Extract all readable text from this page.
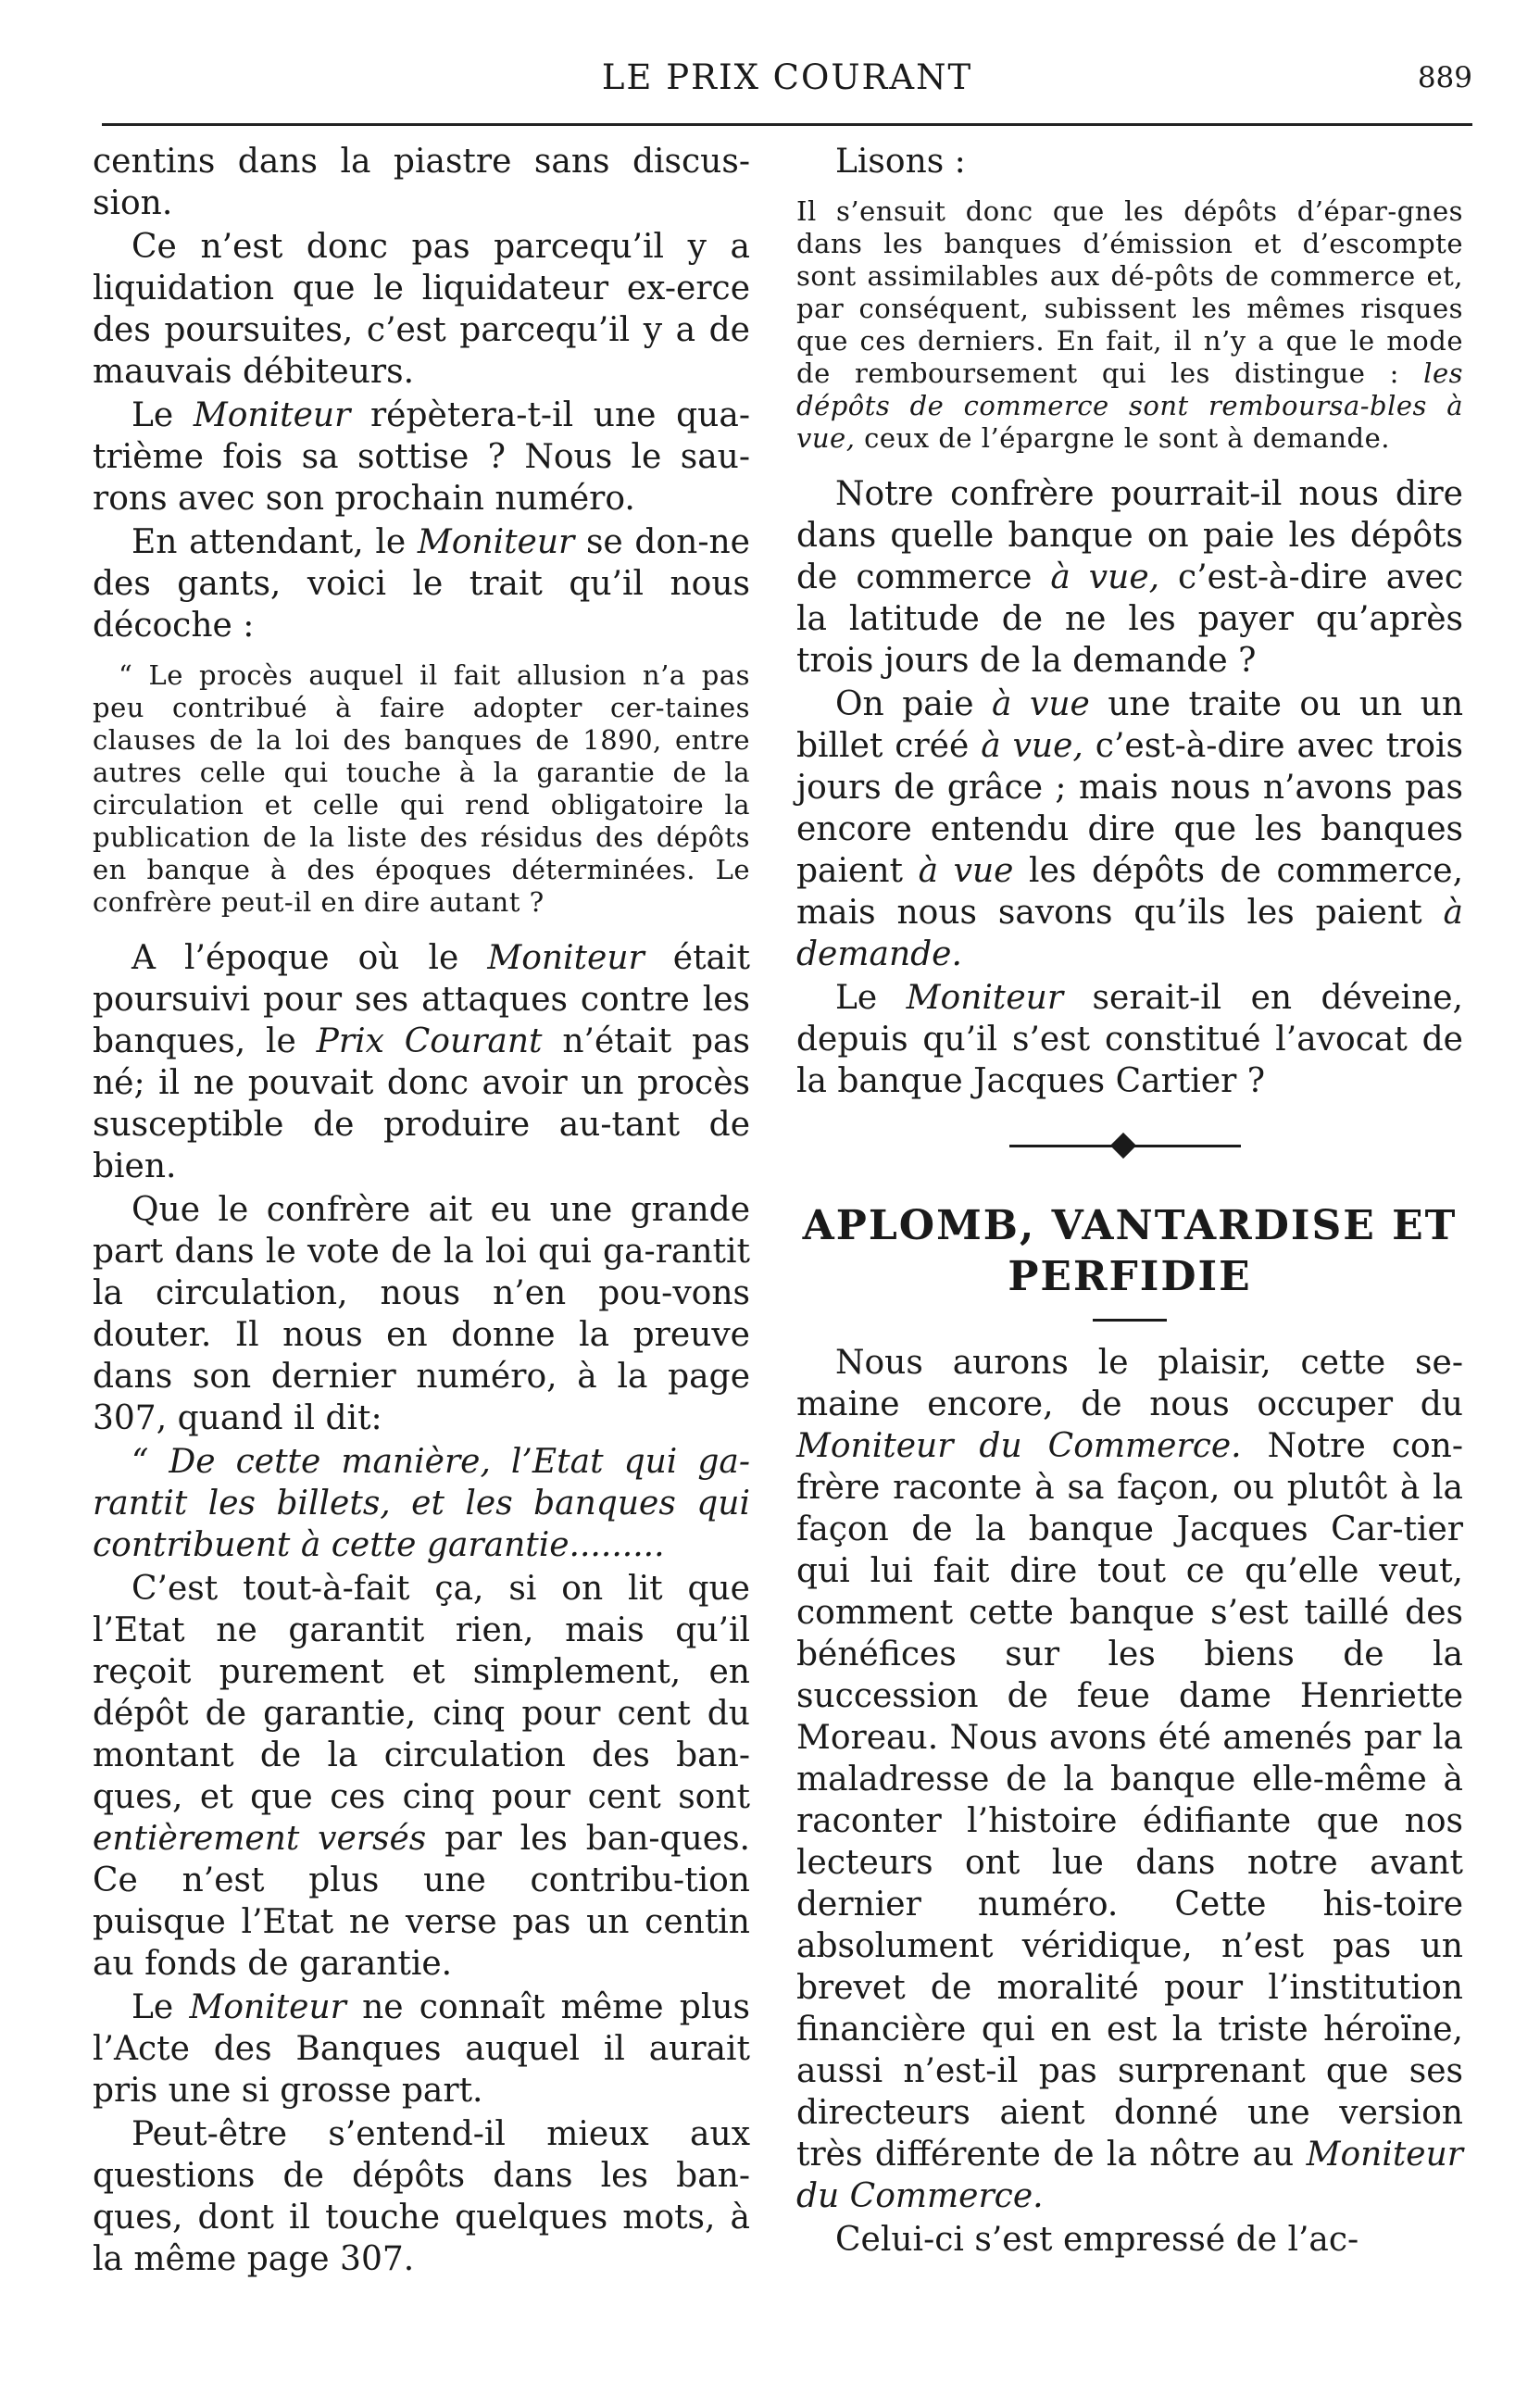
LE PRIX COURANT	889

centins dans la piastre sans discus-sion.

Ce n’est donc pas parcequ’il y a liquidation que le liquidateur ex-erce des poursuites, c’est parcequ’il y a de mauvais débiteurs.

Le Moniteur répètera-t-il une qua-trième fois sa sottise ? Nous le sau-rons avec son prochain numéro.

En attendant, le Moniteur se don-ne des gants, voici le trait qu’il nous décoche :

“ Le procès auquel il fait allusion n’a pas peu contribué à faire adopter cer-taines clauses de la loi des banques de 1890, entre autres celle qui touche à la garantie de la circulation et celle qui rend obligatoire la publication de la liste des résidus des dépôts en banque à des époques déterminées. Le confrère peut-il en dire autant ?

A l’époque où le Moniteur était poursuivi pour ses attaques contre les banques, le Prix Courant n’était pas né; il ne pouvait donc avoir un procès susceptible de produire au-tant de bien.

Que le confrère ait eu une grande part dans le vote de la loi qui ga-rantit la circulation, nous n’en pou-vons douter. Il nous en donne la preuve dans son dernier numéro, à la page 307, quand il dit:

“ De cette manière, l’Etat qui ga-rantit les billets, et les banques qui contribuent à cette garantie.........

C’est tout-à-fait ça, si on lit que l’Etat ne garantit rien, mais qu’il reçoit purement et simplement, en dépôt de garantie, cinq pour cent du montant de la circulation des ban-ques, et que ces cinq pour cent sont entièrement versés par les ban-ques. Ce n’est plus une contribu-tion puisque l’Etat ne verse pas un centin au fonds de garantie.

Le Moniteur ne connaît même plus l’Acte des Banques auquel il aurait pris une si grosse part.

Peut-être s’entend-il mieux aux questions de dépôts dans les ban-ques, dont il touche quelques mots, à la même page 307.

Lisons :

Il s’ensuit donc que les dépôts d’épar-gnes dans les banques d’émission et d’escompte sont assimilables aux dé-pôts de commerce et, par conséquent, subissent les mêmes risques que ces derniers. En fait, il n’y a que le mode de remboursement qui les distingue : les dépôts de commerce sont remboursa-bles à vue, ceux de l’épargne le sont à demande.

Notre confrère pourrait-il nous dire dans quelle banque on paie les dépôts de commerce à vue, c’est-à-dire avec la latitude de ne les payer qu’après trois jours de la demande ?

On paie à vue une traite ou un un billet créé à vue, c’est-à-dire avec trois jours de grâce ; mais nous n’avons pas encore entendu dire que les banques paient à vue les dépôts de commerce, mais nous savons qu’ils les paient à demande.

Le Moniteur serait-il en déveine, depuis qu’il s’est constitué l’avocat de la banque Jacques Cartier ?

APLOMB, VANTARDISE ET

PERFIDIE

Nous aurons le plaisir, cette se-maine encore, de nous occuper du Moniteur du Commerce. Notre con-frère raconte à sa façon, ou plutôt à la façon de la banque Jacques Car-tier qui lui fait dire tout ce qu’elle veut, comment cette banque s’est taillé des bénéfices sur les biens de la succession de feue dame Henriette Moreau. Nous avons été amenés par la maladresse de la banque elle-même à raconter l’histoire édifiante que nos lecteurs ont lue dans notre avant dernier numéro. Cette his-toire absolument véridique, n’est pas un brevet de moralité pour l’institution financière qui en est la triste héroïne, aussi n’est-il pas surprenant que ses directeurs aient donné une version très différente de la nôtre au Moniteur du Commerce.

Celui-ci s’est empressé de l’ac-
